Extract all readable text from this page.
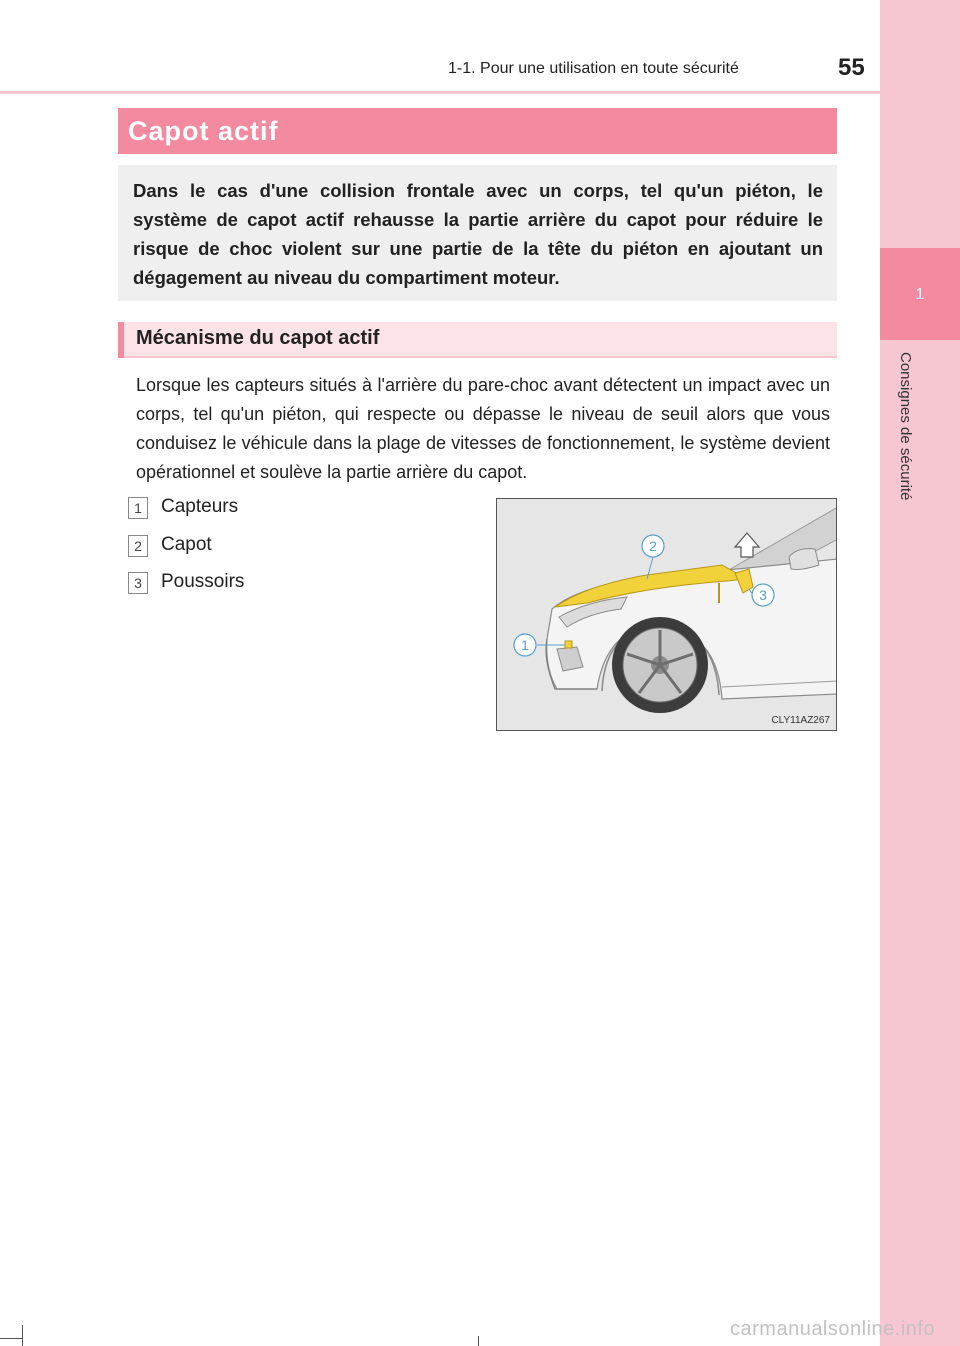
1
Consignes de sécurité
1-1. Pour une utilisation en toute sécurité	55
Capot actif

Dans le cas d'une collision frontale avec un corps, tel qu'un piéton, le système de capot actif rehausse la partie arrière du capot pour réduire le risque de choc violent sur une partie de la tête du piéton en ajoutant un dégagement au niveau du compartiment moteur.

Mécanisme du capot actif

Lorsque les capteurs situés à l'arrière du pare-choc avant détectent un impact avec un corps, tel qu'un piéton, qui respecte ou dépasse le niveau de seuil alors que vous conduisez le véhicule dans la plage de vitesses de fonctionnement, le système devient opérationnel et soulève la partie arrière du capot.

1	Capteurs
2	Capot
3	Poussoirs
1
2
3
CLY11AZ267
carmanualsonline.info
